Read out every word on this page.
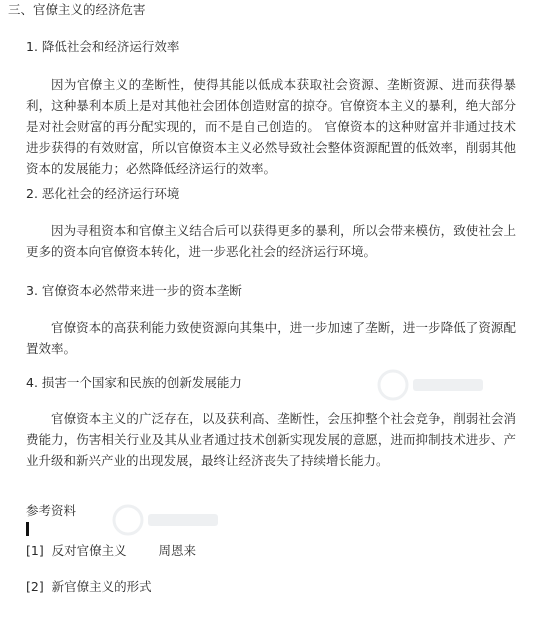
三、官僚主义的经济危害
1. 降低社会和经济运行效率

因为官僚主义的垄断性，使得其能以低成本获取社会资源、垄断资源、进而获得暴利，这种暴利本质上是对其他社会团体创造财富的掠夺。官僚资本主义的暴利，绝大部分是对社会财富的再分配实现的，而不是自己创造的。 官僚资本的这种财富并非通过技术进步获得的有效财富，所以官僚资本主义必然导致社会整体资源配置的低效率，削弱其他资本的发展能力；必然降低经济运行的效率。

2. 恶化社会的经济运行环境

因为寻租资本和官僚主义结合后可以获得更多的暴利，所以会带来模仿，致使社会上更多的资本向官僚资本转化，进一步恶化社会的经济运行环境。

3. 官僚资本必然带来进一步的资本垄断

官僚资本的高获利能力致使资源向其集中，进一步加速了垄断，进一步降低了资源配置效率。

4. 损害一个国家和民族的创新发展能力

官僚资本主义的广泛存在，以及获利高、垄断性，会压抑整个社会竞争，削弱社会消费能力，伤害相关行业及其从业者通过技术创新实现发展的意愿，进而抑制技术进步、产业升级和新兴产业的出现发展，最终让经济丧失了持续增长能力。

参考资料
[1]  反对官僚主义        周恩来
[2]  新官僚主义的形式
